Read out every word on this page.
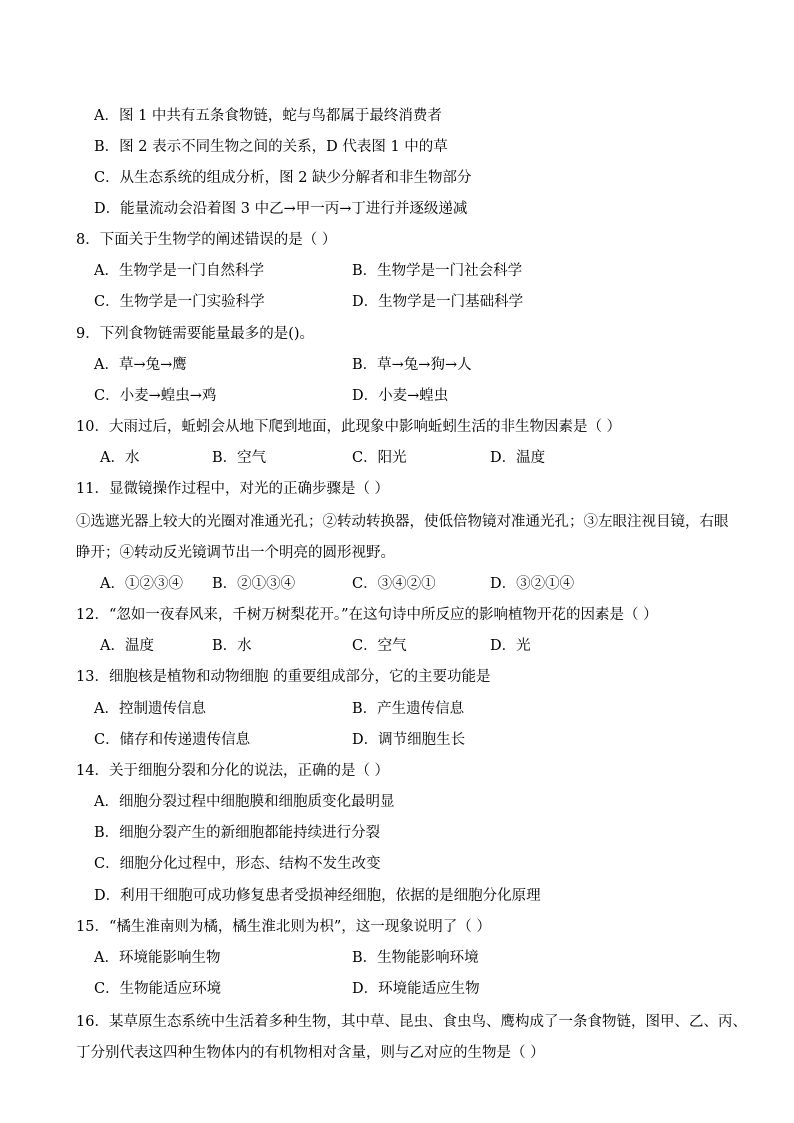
A．图 1 中共有五条食物链，蛇与鸟都属于最终消费者
B．图 2 表示不同生物之间的关系，D 代表图 1 中的草
C．从生态系统的组成分析，图 2 缺少分解者和非生物部分
D．能量流动会沿着图 3 中乙→甲一丙→丁进行并逐级递减
8．下面关于生物学的阐述错误的是（ ）
A．生物学是一门自然科学	B．生物学是一门社会科学
C．生物学是一门实验科学	D．生物学是一门基础科学
9．下列食物链需要能量最多的是()。
A．草→兔→鹰	B．草→兔→狗→人
C．小麦→蝗虫→鸡	D．小麦→蝗虫
10．大雨过后，蚯蚓会从地下爬到地面，此现象中影响蚯蚓生活的非生物因素是（ ）
A．水	B．空气	C．阳光	D．温度
11．显微镜操作过程中，对光的正确步骤是（ ）
①选遮光器上较大的光圈对准通光孔；②转动转换器，使低倍物镜对准通光孔；③左眼注视目镜，右眼
睁开；④转动反光镜调节出一个明亮的圆形视野。
A．①②③④ B．②①③④	C．③④②①	D．③②①④
12．“忽如一夜春风来，千树万树梨花开。”在这句诗中所反应的影响植物开花的因素是（ ）
A．温度	B．水	C．空气	D．光
13．细胞核是植物和动物细胞 的重要组成部分，它的主要功能是
A．控制遗传信息	B．产生遗传信息
C．储存和传递遗传信息	D．调节细胞生长
14．关于细胞分裂和分化的说法，正确的是（ ）
A．细胞分裂过程中细胞膜和细胞质变化最明显
B．细胞分裂产生的新细胞都能持续进行分裂
C．细胞分化过程中，形态、结构不发生改变
D．利用干细胞可成功修复患者受损神经细胞，依据的是细胞分化原理
15．“橘生淮南则为橘，橘生淮北则为枳”，这一现象说明了（ ）
A．环境能影响生物	B．生物能影响环境
C．生物能适应环境	D．环境能适应生物
16．某草原生态系统中生活着多种生物，其中草、昆虫、食虫鸟、鹰构成了一条食物链，图甲、乙、丙、
丁分别代表这四种生物体内的有机物相对含量，则与乙对应的生物是（ ）
